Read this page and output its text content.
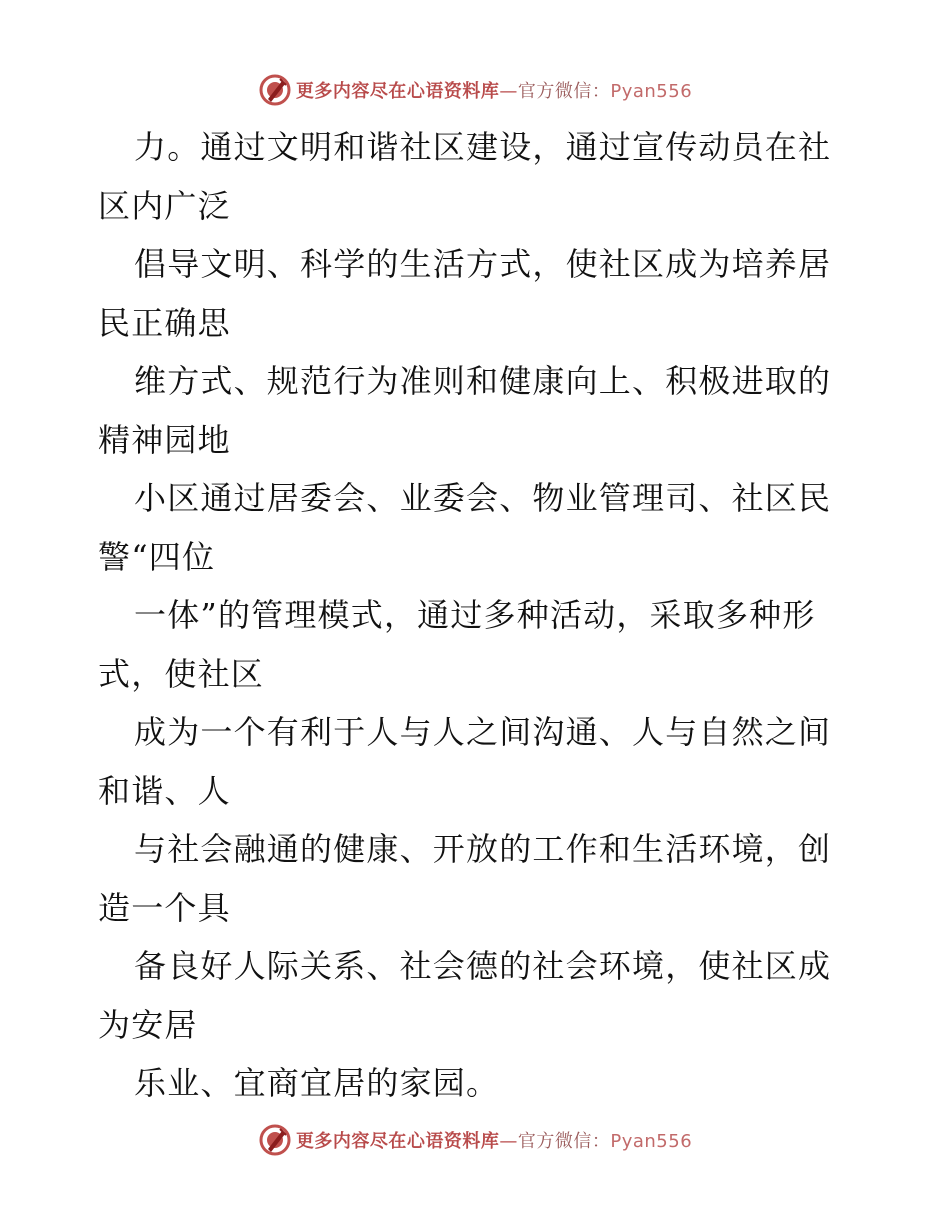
更多内容尽在心语资料库—官方微信：Pyan556
力。通过文明和谐社区建设，通过宣传动员在社
区内广泛
倡导文明、科学的生活方式，使社区成为培养居
民正确思
维方式、规范行为准则和健康向上、积极进取的
精神园地
小区通过居委会、业委会、物业管理司、社区民
警“四位
一体”的管理模式，通过多种活动，采取多种形
式，使社区
成为一个有利于人与人之间沟通、人与自然之间
和谐、人
与社会融通的健康、开放的工作和生活环境，创
造一个具
备良好人际关系、社会德的社会环境，使社区成
为安居
乐业、宜商宜居的家园。
更多内容尽在心语资料库—官方微信：Pyan556
